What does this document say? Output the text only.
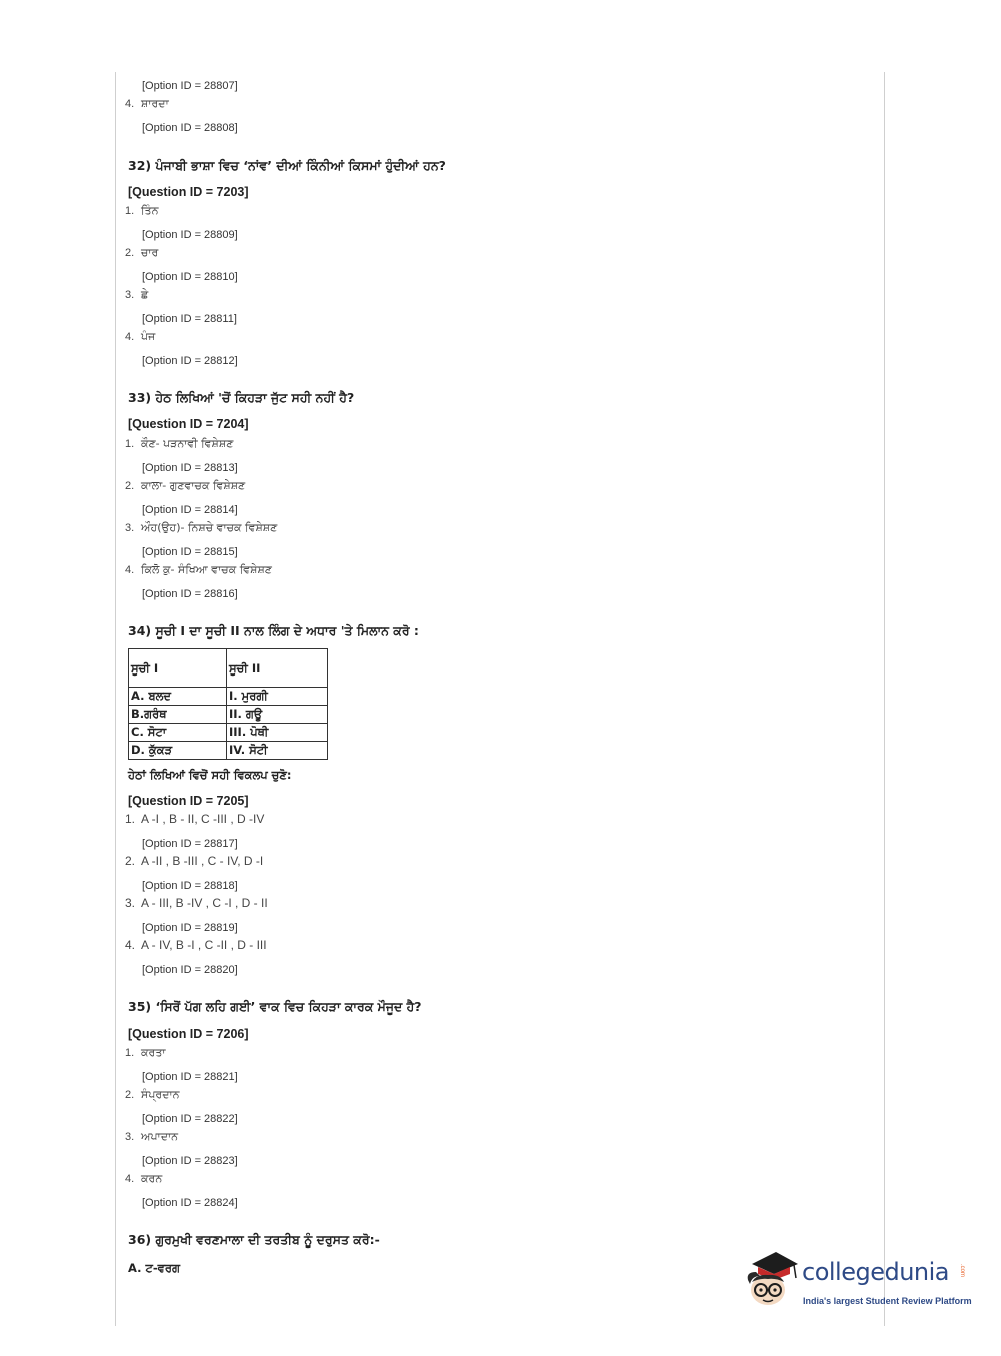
[Option ID = 28807]
4. ਸ਼ਾਰਦਾ
[Option ID = 28808]
32) ਪੰਜਾਬੀ ਭਾਸ਼ਾ ਵਿਚ ‘ਨਾਂਵ’ ਦੀਆਂ ਕਿੰਨੀਆਂ ਕਿਸਮਾਂ ਹੁੰਦੀਆਂ ਹਨ?
[Question ID = 7203]
1. ਤਿੰਨ
[Option ID = 28809]
2. ਚਾਰ
[Option ID = 28810]
3. ਛੇ
[Option ID = 28811]
4. ਪੰਜ
[Option ID = 28812]
33) ਹੇਠ ਲਿਖਿਆਂ 'ਚੋਂ ਕਿਹੜਾ ਜੁੱਟ ਸਹੀ ਨਹੀਂ ਹੈ?
[Question ID = 7204]
1. ਕੌਣ- ਪੜਨਾਵੀ ਵਿਸ਼ੇਸ਼ਣ
[Option ID = 28813]
2. ਕਾਲਾ- ਗੁਣਵਾਚਕ ਵਿਸ਼ੇਸ਼ਣ
[Option ID = 28814]
3. ਔਹ(ਉਹ)- ਨਿਸ਼ਚੇ ਵਾਚਕ ਵਿਸ਼ੇਸ਼ਣ
[Option ID = 28815]
4. ਕਿਲੋ ਕੁ- ਸੰਖਿਆ ਵਾਚਕ ਵਿਸ਼ੇਸ਼ਣ
[Option ID = 28816]
34) ਸੂਚੀ I ਦਾ ਸੂਚੀ II ਨਾਲ ਲਿੰਗ ਦੇ ਅਧਾਰ 'ਤੇ ਮਿਲਾਨ ਕਰੋ :
ਸੂਚੀ I	ਸੂਚੀ II
A. ਬਲਦ	I. ਮੁਰਗੀ
B.ਗਰੰਥ	II. ਗਊ
C. ਸੋਟਾ	III. ਪੋਥੀ
D. ਕੁੱਕੜ	IV. ਸੋਟੀ
ਹੇਠਾਂ ਲਿਖਿਆਂ ਵਿਚੋਂ ਸਹੀ ਵਿਕਲਪ ਚੁਣੋ:
[Question ID = 7205]
1. A -I , B - II, C -III , D -IV
[Option ID = 28817]
2. A -II , B -III , C - IV, D -I
[Option ID = 28818]
3. A - III, B -IV , C -I , D - II
[Option ID = 28819]
4. A - IV, B -I , C -II , D - III
[Option ID = 28820]
35) ‘ਸਿਰੋਂ ਪੱਗ ਲਹਿ ਗਈ’ ਵਾਕ ਵਿਚ ਕਿਹੜਾ ਕਾਰਕ ਮੌਜੂਦ ਹੈ?
[Question ID = 7206]
1. ਕਰਤਾ
[Option ID = 28821]
2. ਸੰਪ੍ਰਦਾਨ
[Option ID = 28822]
3. ਅਪਾਦਾਨ
[Option ID = 28823]
4. ਕਰਨ
[Option ID = 28824]
36) ਗੁਰਮੁਖੀ ਵਰਣਮਾਲਾ ਦੀ ਤਰਤੀਬ ਨੂੰ ਦਰੁਸਤ ਕਰੋ:-
A. ਟ-ਵਰਗ	collegedunia .com
India's largest Student Review Platform
